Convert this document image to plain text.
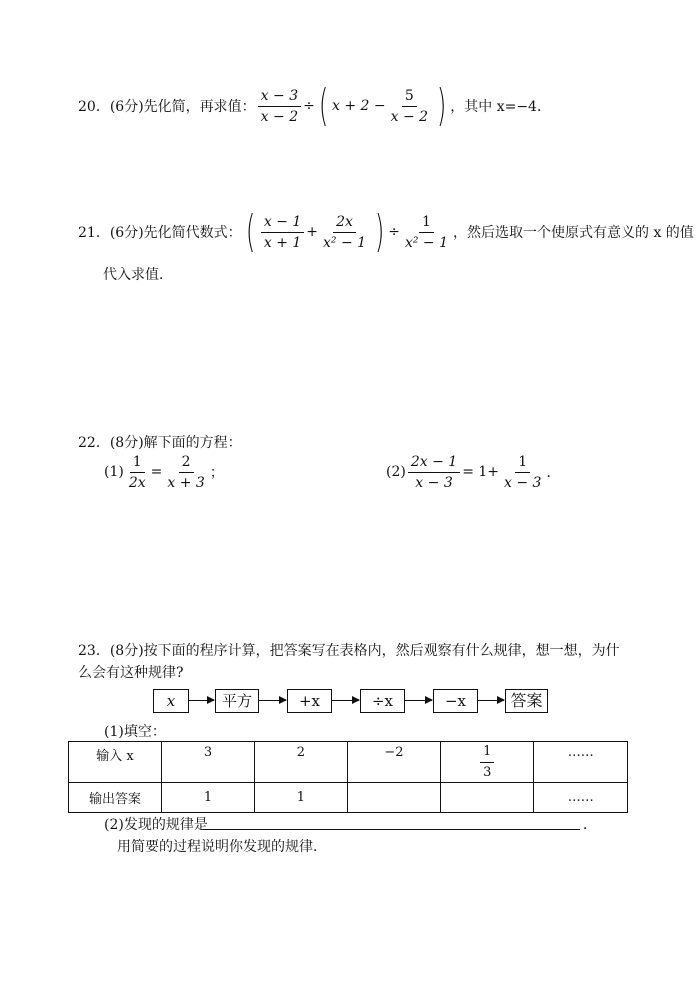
20． (6分)先化简，再求值： $\frac{x - 3}{x - 2}$ ÷ ( $x + 2 - \frac{5}{x - 2}$ ) ，其中 x=−4．
21． (6分)先化简代数式： ( $\frac{x - 1}{x + 1} + \frac{2x}{\text{x² − 1}}$ ) ÷ $\frac{1}{\text{x² − 1}}$ ，然后选取一个使原式有意义的 x 的值
代入求值．
22．(8分)解下面的方程：
$(1) \frac{1}{2x} = \frac{2}{x + 3}$ ；	$(2) \frac{2x - 1}{x - 3} = 1+ \frac{1}{x - 3}$ ．
23．(8分)按下面的程序计算，把答案写在表格内，然后观察有什么规律，想一想，为什
么会有这种规律?
x	平方	+x	÷x	−x	答案
(1)填空：
输入 x	3	2	−2	$\frac{1}{3}$	……
输出答案	1	1			……
(2)发现的规律是	．
用简要的过程说明你发现的规律．
